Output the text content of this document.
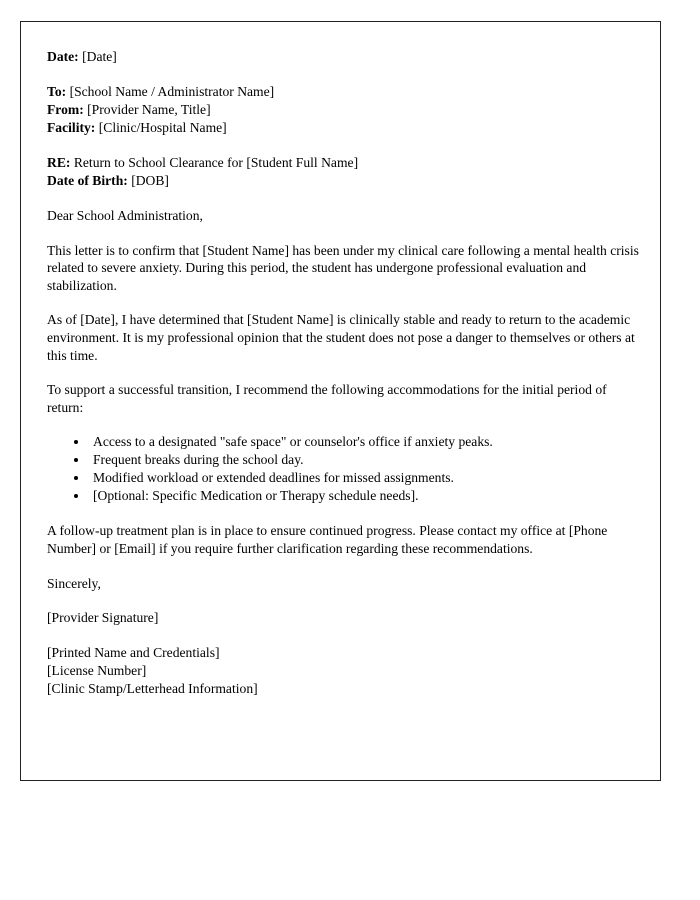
Date: [Date]
To: [School Name / Administrator Name]
From: [Provider Name, Title]
Facility: [Clinic/Hospital Name]
RE: Return to School Clearance for [Student Full Name]
Date of Birth: [DOB]

Dear School Administration,

This letter is to confirm that [Student Name] has been under my clinical care following a mental health crisis related to severe anxiety. During this period, the student has undergone professional evaluation and stabilization.

As of [Date], I have determined that [Student Name] is clinically stable and ready to return to the academic environment. It is my professional opinion that the student does not pose a danger to themselves or others at this time.

To support a successful transition, I recommend the following accommodations for the initial period of return:

• Access to a designated "safe space" or counselor's office if anxiety peaks.
• Frequent breaks during the school day.
• Modified workload or extended deadlines for missed assignments.
• [Optional: Specific Medication or Therapy schedule needs].

A follow-up treatment plan is in place to ensure continued progress. Please contact my office at [Phone Number] or [Email] if you require further clarification regarding these recommendations.

Sincerely,

[Provider Signature]

[Printed Name and Credentials]
[License Number]
[Clinic Stamp/Letterhead Information]
